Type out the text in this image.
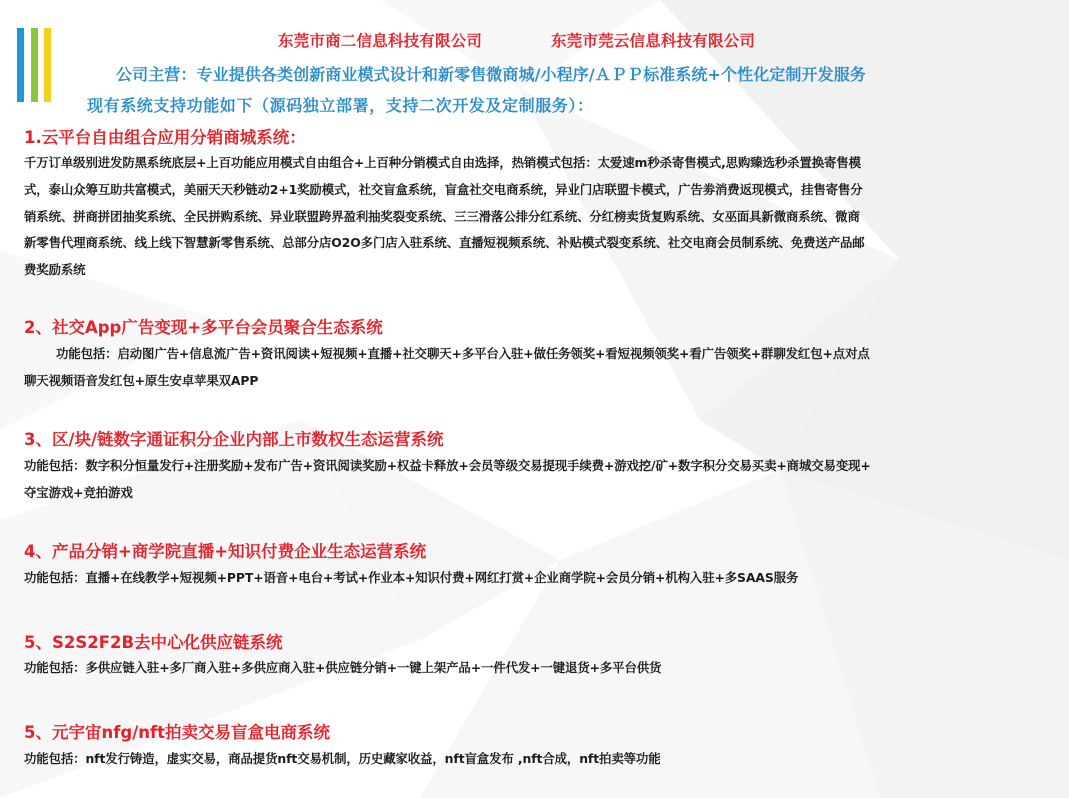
东莞市商二信息科技有限公司	东莞市莞云信息科技有限公司
公司主营：专业提供各类创新商业模式设计和新零售微商城/小程序/ＡＰＰ标准系统+个性化定制开发服务
现有系统支持功能如下（源码独立部署，支持二次开发及定制服务）：
1.云平台自由组合应用分销商城系统：
千万订单级别进发防黑系统底层+上百功能应用模式自由组合+上百种分销模式自由选择，热销模式包括：太爱速m秒杀寄售模式,思购臻选秒杀置换寄售模
式，泰山众筹互助共富模式，美丽天天秒链动2+1奖励模式，社交盲盒系统，盲盒社交电商系统，异业门店联盟卡模式，广告劵消费返现模式，挂售寄售分
销系统、拼商拼团抽奖系统、全民拼购系统、异业联盟跨界盈利抽奖裂变系统、三三滑落公排分红系统、分红榜卖货复购系统、女巫面具新微商系统、微商
新零售代理商系统、线上线下智慧新零售系统、总部分店O2O多门店入驻系统、直播短视频系统、补贴模式裂变系统、社交电商会员制系统、免费送产品邮
费奖励系统
2、社交App广告变现+多平台会员聚合生态系统
功能包括：启动图广告+信息流广告+资讯阅读+短视频+直播+社交聊天+多平台入驻+做任务领奖+看短视频领奖+看广告领奖+群聊发红包+点对点
聊天视频语音发红包+原生安卓苹果双APP
3、区/块/链数字通证积分企业内部上市数权生态运营系统
功能包括：数字积分恒量发行+注册奖励+发布广告+资讯阅读奖励+权益卡释放+会员等级交易提现手续费+游戏挖/矿+数字积分交易买卖+商城交易变现+
夺宝游戏+竞拍游戏
4、产品分销+商学院直播+知识付费企业生态运营系统
功能包括：直播+在线教学+短视频+PPT+语音+电台+考试+作业本+知识付费+网红打赏+企业商学院+会员分销+机构入驻+多SAAS服务
5、S2S2F2B去中心化供应链系统
功能包括：多供应链入驻+多厂商入驻+多供应商入驻+供应链分销+一键上架产品+一件代发+一键退货+多平台供货
5、元宇宙nfg/nft拍卖交易盲盒电商系统
功能包括：nft发行铸造，虚实交易，商品提货nft交易机制，历史藏家收益，nft盲盒发布 ,nft合成，nft拍卖等功能
